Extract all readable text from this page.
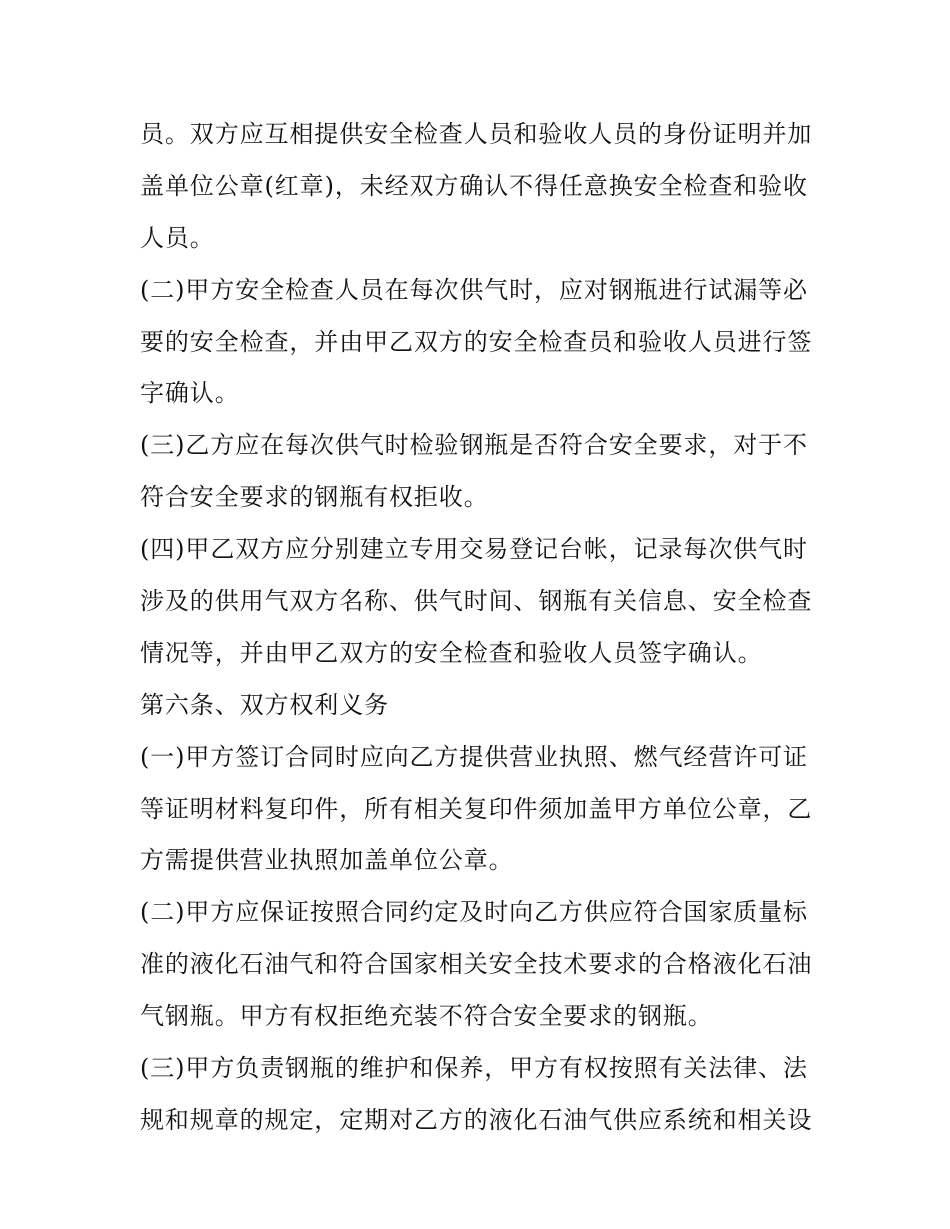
员。双方应互相提供安全检查人员和验收人员的身份证明并加
盖单位公章(红章)，未经双方确认不得任意换安全检查和验收
人员。
(二)甲方安全检查人员在每次供气时，应对钢瓶进行试漏等必
要的安全检查，并由甲乙双方的安全检查员和验收人员进行签
字确认。
(三)乙方应在每次供气时检验钢瓶是否符合安全要求，对于不
符合安全要求的钢瓶有权拒收。
(四)甲乙双方应分别建立专用交易登记台帐，记录每次供气时
涉及的供用气双方名称、供气时间、钢瓶有关信息、安全检查
情况等，并由甲乙双方的安全检查和验收人员签字确认。
第六条、双方权利义务
(一)甲方签订合同时应向乙方提供营业执照、燃气经营许可证
等证明材料复印件，所有相关复印件须加盖甲方单位公章，乙
方需提供营业执照加盖单位公章。
(二)甲方应保证按照合同约定及时向乙方供应符合国家质量标
准的液化石油气和符合国家相关安全技术要求的合格液化石油
气钢瓶。甲方有权拒绝充装不符合安全要求的钢瓶。
(三)甲方负责钢瓶的维护和保养，甲方有权按照有关法律、法
规和规章的规定，定期对乙方的液化石油气供应系统和相关设
